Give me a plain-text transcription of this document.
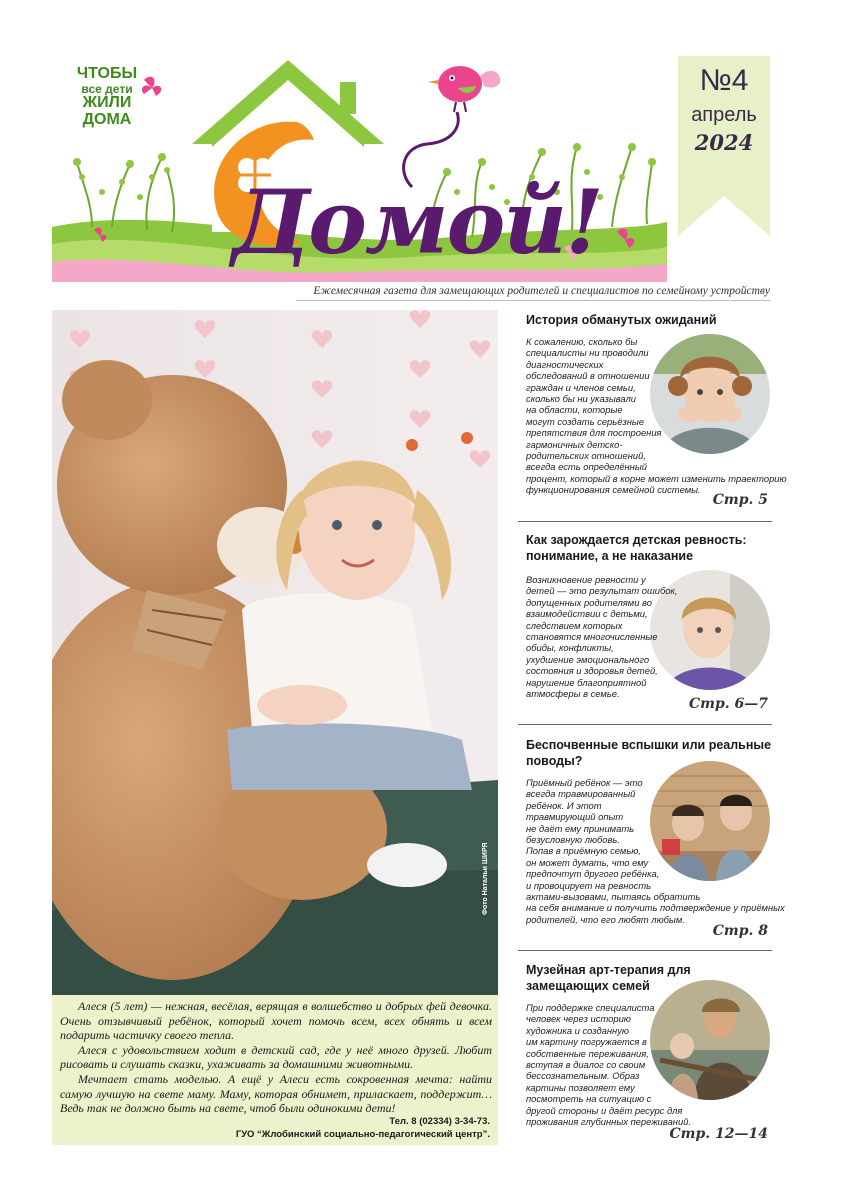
ЧТОБЫ
все дети
ЖИЛИ
ДОМА
Домой!
№4
апрель
2024
Ежемесячная газета для замещающих родителей и специалистов по семейному устройству
Фото Натальи ШИРЯ

Алеся (5 лет) — нежная, весёлая, верящая в волшебство и добрых фей девочка. Очень отзывчивый ребёнок, который хочет помочь всем, всех обнять и всем подарить частичку своего тепла.

Алеся с удовольствием ходит в детский сад, где у неё много друзей. Любит рисовать и слушать сказки, ухаживать за домашними животными.

Мечтает стать моделью. А ещё у Алеси есть сокровенная мечта: найти самую лучшую на свете маму. Маму, которая обнимет, приласкает, поддержит… Ведь так не должно быть на свете, чтоб были одинокими дети!

Тел. 8 (02334) 3-34-73.
ГУО “Жлобинский социально-педагогический центр”.
История обманутых ожиданий
К сожалению, сколько бы
специалисты ни проводили
диагностических
обследований в отношении
граждан и членов семьи,
сколько бы ни указывали
на области, которые
могут создать серьёзные
препятствия для построения
гармоничных детско-
родительских отношений,
всегда есть определённый
процент, который в корне может изменить траекторию
функционирования семейной системы.
Стр. 5
Как зарождается детская ревность:
понимание, а не наказание
Возникновение ревности у
детей — это результат ошибок,
допущенных родителями во
взаимодействии с детьми,
следствием которых
становятся многочисленные
обиды, конфликты,
ухудшение эмоционального
состояния и здоровья детей,
нарушение благоприятной
атмосферы в семье.
Стр. 6—7
Беспочвенные вспышки или реальные
поводы?
Приёмный ребёнок — это
всегда травмированный
ребёнок. И этот
травмирующий опыт
не даёт ему принимать
безусловную любовь.
Попав в приёмную семью,
он может думать, что ему
предпочтут другого ребёнка,
и провоцирует на ревность
актами-вызовами, пытаясь обратить
на себя внимание и получить подтверждение у приёмных
родителей, что его любят любым.
Стр. 8
Музейная арт-терапия для
замещающих семей
При поддержке специалиста
человек через историю
художника и созданную
им картину погружается в
собственные переживания,
вступая в диалог со своим
бессознательным. Образ
картины позволяет ему
посмотреть на ситуацию с
другой стороны и даёт ресурс для
проживания глубинных переживаний.
Стр. 12—14
